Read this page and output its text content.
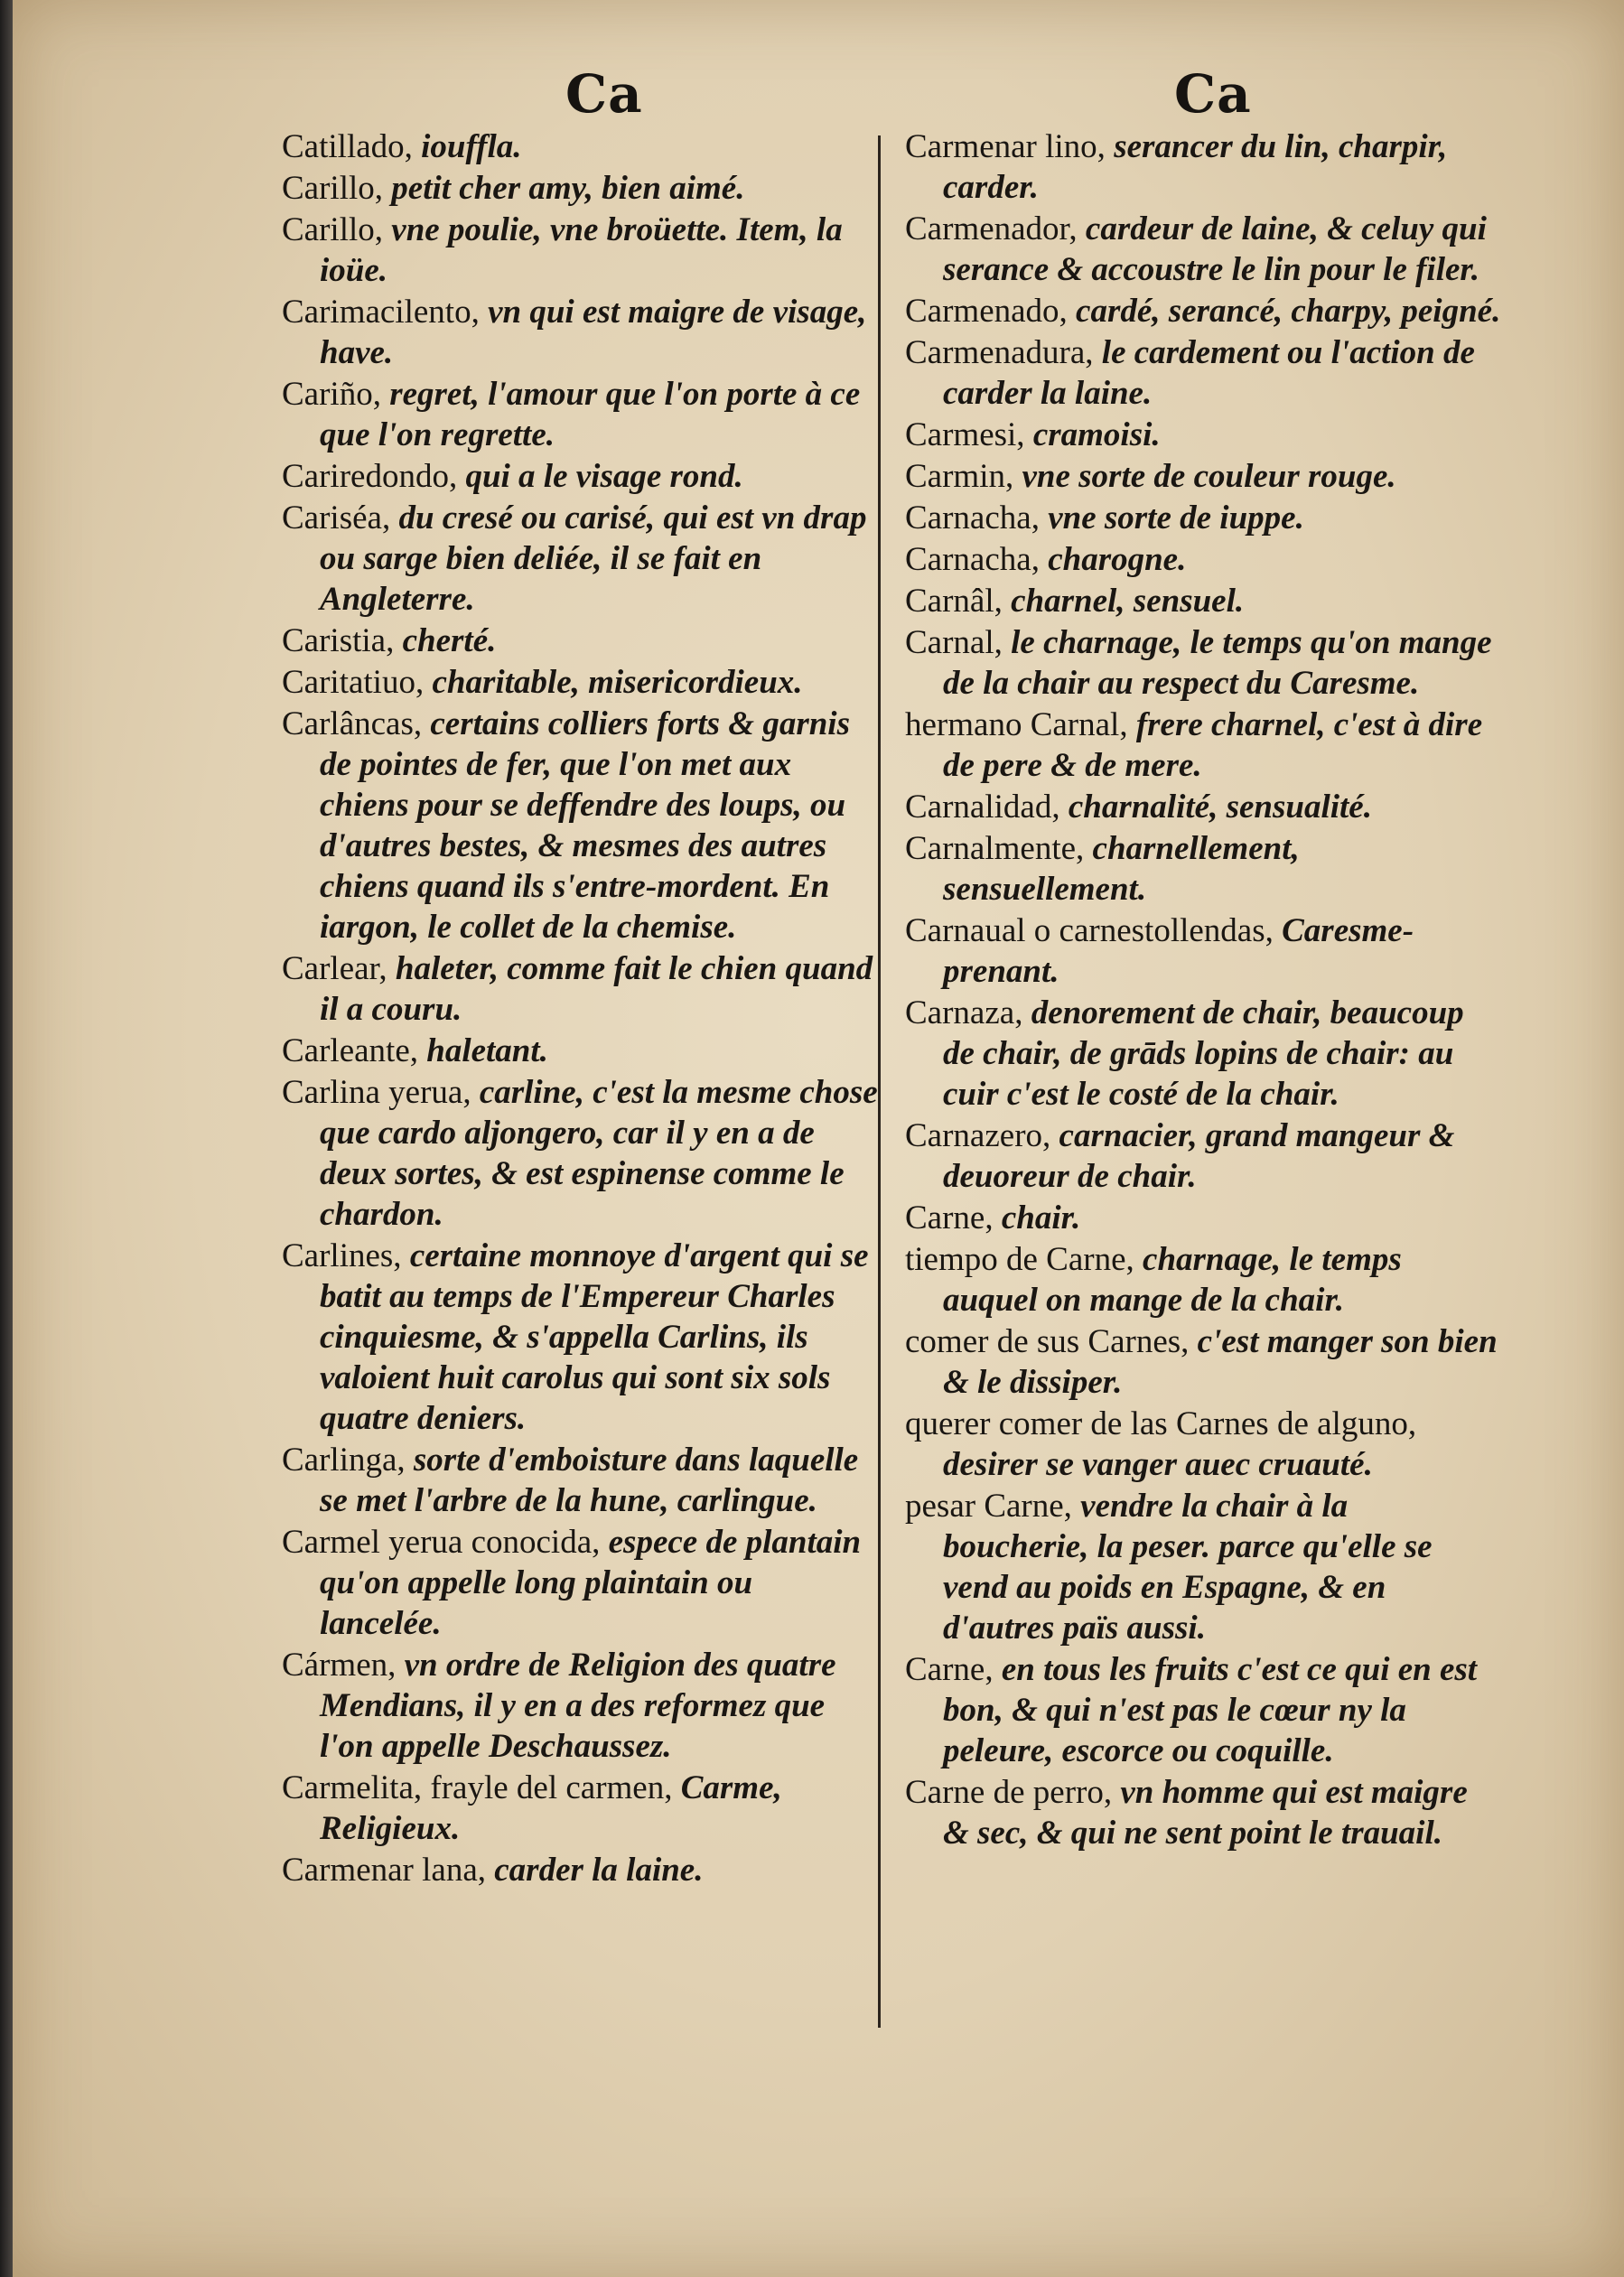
Ca	Ca
Catillado, iouffla.
Carillo, petit cher amy, bien aimé.
Carillo, vne poulie, vne broüette. Item, la ioüe.
Carimacilento, vn qui est maigre de visage, have.
Cariño, regret, l'amour que l'on porte à ce que l'on regrette.
Cariredondo, qui a le visage rond.
Cariséa, du cresé ou carisé, qui est vn drap ou sarge bien deliée, il se fait en Angleterre.
Caristia, cherté.
Caritatiuo, charitable, misericordieux.
Carlâncas, certains colliers forts & garnis de pointes de fer, que l'on met aux chiens pour se deffendre des loups, ou d'autres bestes, & mesmes des autres chiens quand ils s'entre-mordent. En iargon, le collet de la chemise.
Carlear, haleter, comme fait le chien quand il a couru.
Carleante, haletant.
Carlina yerua, carline, c'est la mesme chose que cardo aljongero, car il y en a de deux sortes, & est espinense comme le chardon.
Carlines, certaine monnoye d'argent qui se batit au temps de l'Empereur Charles cinquiesme, & s'appella Carlins, ils valoient huit carolus qui sont six sols quatre deniers.
Carlinga, sorte d'emboisture dans laquelle se met l'arbre de la hune, carlingue.
Carmel yerua conocida, espece de plantain qu'on appelle long plaintain ou lancelée.
Cármen, vn ordre de Religion des quatre Mendians, il y en a des reformez que l'on appelle Deschaussez.
Carmelita, frayle del carmen, Carme, Religieux.
Carmenar lana, carder la laine.
Carmenar lino, serancer du lin, charpir, carder.
Carmenador, cardeur de laine, & celuy qui serance & accoustre le lin pour le filer.
Carmenado, cardé, serancé, charpy, peigné.
Carmenadura, le cardement ou l'action de carder la laine.
Carmesi, cramoisi.
Carmin, vne sorte de couleur rouge.
Carnacha, vne sorte de iuppe.
Carnacha, charogne.
Carnâl, charnel, sensuel.
Carnal, le charnage, le temps qu'on mange de la chair au respect du Caresme.
hermano Carnal, frere charnel, c'est à dire de pere & de mere.
Carnalidad, charnalité, sensualité.
Carnalmente, charnellement, sensuellement.
Carnaual o carnestollendas, Caresme-prenant.
Carnaza, denorement de chair, beaucoup de chair, de grāds lopins de chair: au cuir c'est le costé de la chair.
Carnazero, carnacier, grand mangeur & deuoreur de chair.
Carne, chair.
tiempo de Carne, charnage, le temps auquel on mange de la chair.
comer de sus Carnes, c'est manger son bien & le dissiper.
querer comer de las Carnes de alguno, desirer se vanger auec cruauté.
pesar Carne, vendre la chair à la boucherie, la peser. parce qu'elle se vend au poids en Espagne, & en d'autres païs aussi.
Carne, en tous les fruits c'est ce qui en est bon, & qui n'est pas le cœur ny la peleure, escorce ou coquille.
Carne de perro, vn homme qui est maigre & sec, & qui ne sent point le trauail.
